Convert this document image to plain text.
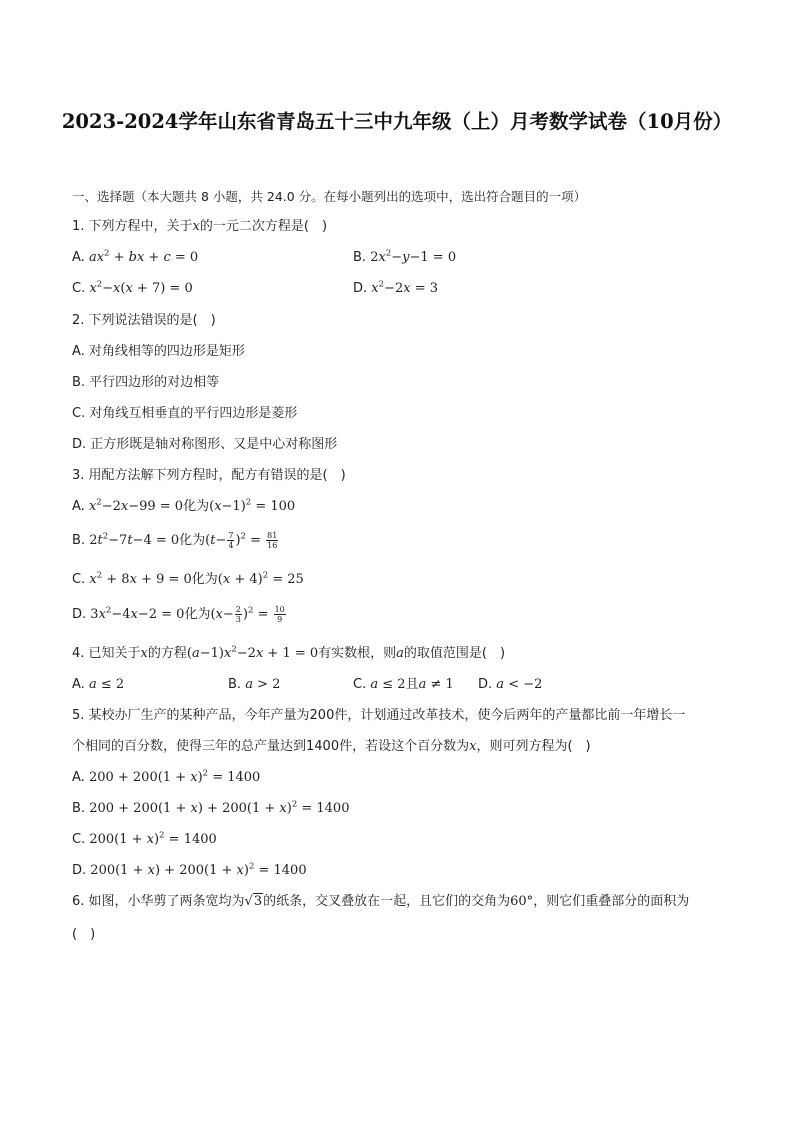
2023-2024学年山东省青岛五十三中九年级（上）月考数学试卷（10月份）
一、选择题（本大题共 8 小题，共 24.0 分。在每小题列出的选项中，选出符合题目的一项）
1. 下列方程中，关于x的一元二次方程是(　)
A. $ax^2$ + bx + c = 0	B. $2x^2-y-1 = 0$
C. $x^2-x(x + 7) = 0$	D. $x^2-2x = 3$
2. 下列说法错误的是(　)
A. 对角线相等的四边形是矩形
B. 平行四边形的对边相等
C. 对角线互相垂直的平行四边形是菱形
D. 正方形既是轴对称图形、又是中心对称图形
3. 用配方法解下列方程时，配方有错误的是(　)
A. $x^2-2x-99 = 0$化为$(x-1)^2 = 100$
B. $2t^2-7t-4 = 0$化为$(t- \frac{7}{4} )^2 = \frac{81}{16}$
C. $x^2 + 8x + 9 = 0$化为$(x + 4)^2 = 25$
D. $3x^2-4x-2 = 0$化为$(x- \frac{2}{3} )^2 = \frac{10}{9}$
4. 已知关于x的方程$(a-1)x^2-2x + 1 = 0$有实数根，则a的取值范围是(　)
A. a ≤ 2	B. a > 2	C. a ≤ 2且a ≠ 1 D. a < −2
5. 某校办厂生产的某种产品，今年产量为200件，计划通过改革技术，使今后两年的产量都比前一年增长一
个相同的百分数，使得三年的总产量达到1400件，若设这个百分数为x，则可列方程为(　)
A. $200 + 200(1 + x)^2 = 1400$
B. $200 + 200(1 + x) + 200(1 + x)^2 = 1400$
C. $200(1 + x)^2 = 1400$
D. $200(1 + x) + 200(1 + x)^2 = 1400$
6. 如图，小华剪了两条宽均为√3的纸条，交叉叠放在一起，且它们的交角为60°，则它们重叠部分的面积为
(　)
